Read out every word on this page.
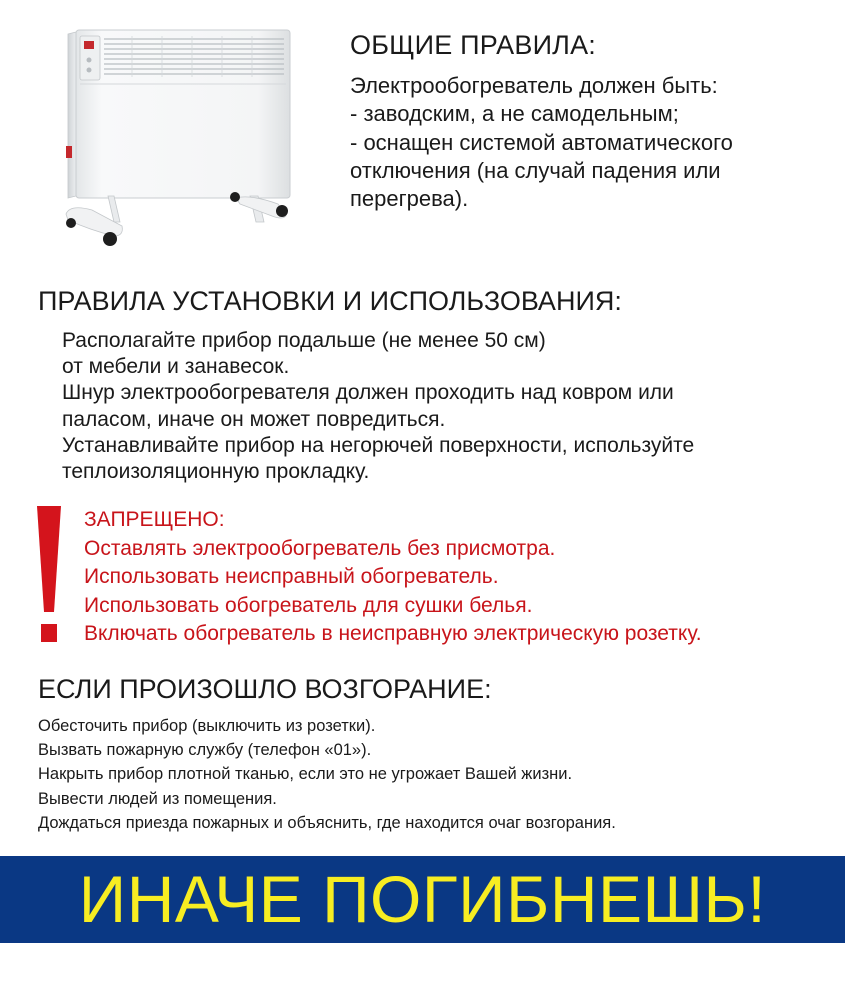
ОБЩИЕ ПРАВИЛА:
Электрообогреватель должен быть:
- заводским, а не самодельным;
- оснащен системой автоматического
отключения (на случай падения или
перегрева).
ПРАВИЛА УСТАНОВКИ И ИСПОЛЬЗОВАНИЯ:
Располагайте прибор подальше (не менее 50 см)
от мебели и занавесок.
Шнур электрообогревателя должен проходить над ковром или
паласом, иначе он может повредиться.
Устанавливайте прибор на негорючей поверхности, используйте
теплоизоляционную прокладку.
ЗАПРЕЩЕНО:
Оставлять электрообогреватель без присмотра.
Использовать неисправный обогреватель.
Использовать обогреватель для сушки белья.
Включать обогреватель в неисправную электрическую розетку.
ЕСЛИ ПРОИЗОШЛО ВОЗГОРАНИЕ:
Обесточить прибор (выключить из розетки).
Вызвать пожарную службу (телефон «01»).
Накрыть прибор плотной тканью, если это не угрожает Вашей жизни.
Вывести людей из помещения.
Дождаться приезда пожарных и объяснить, где находится очаг возгорания.
ИНАЧЕ ПОГИБНЕШЬ!
